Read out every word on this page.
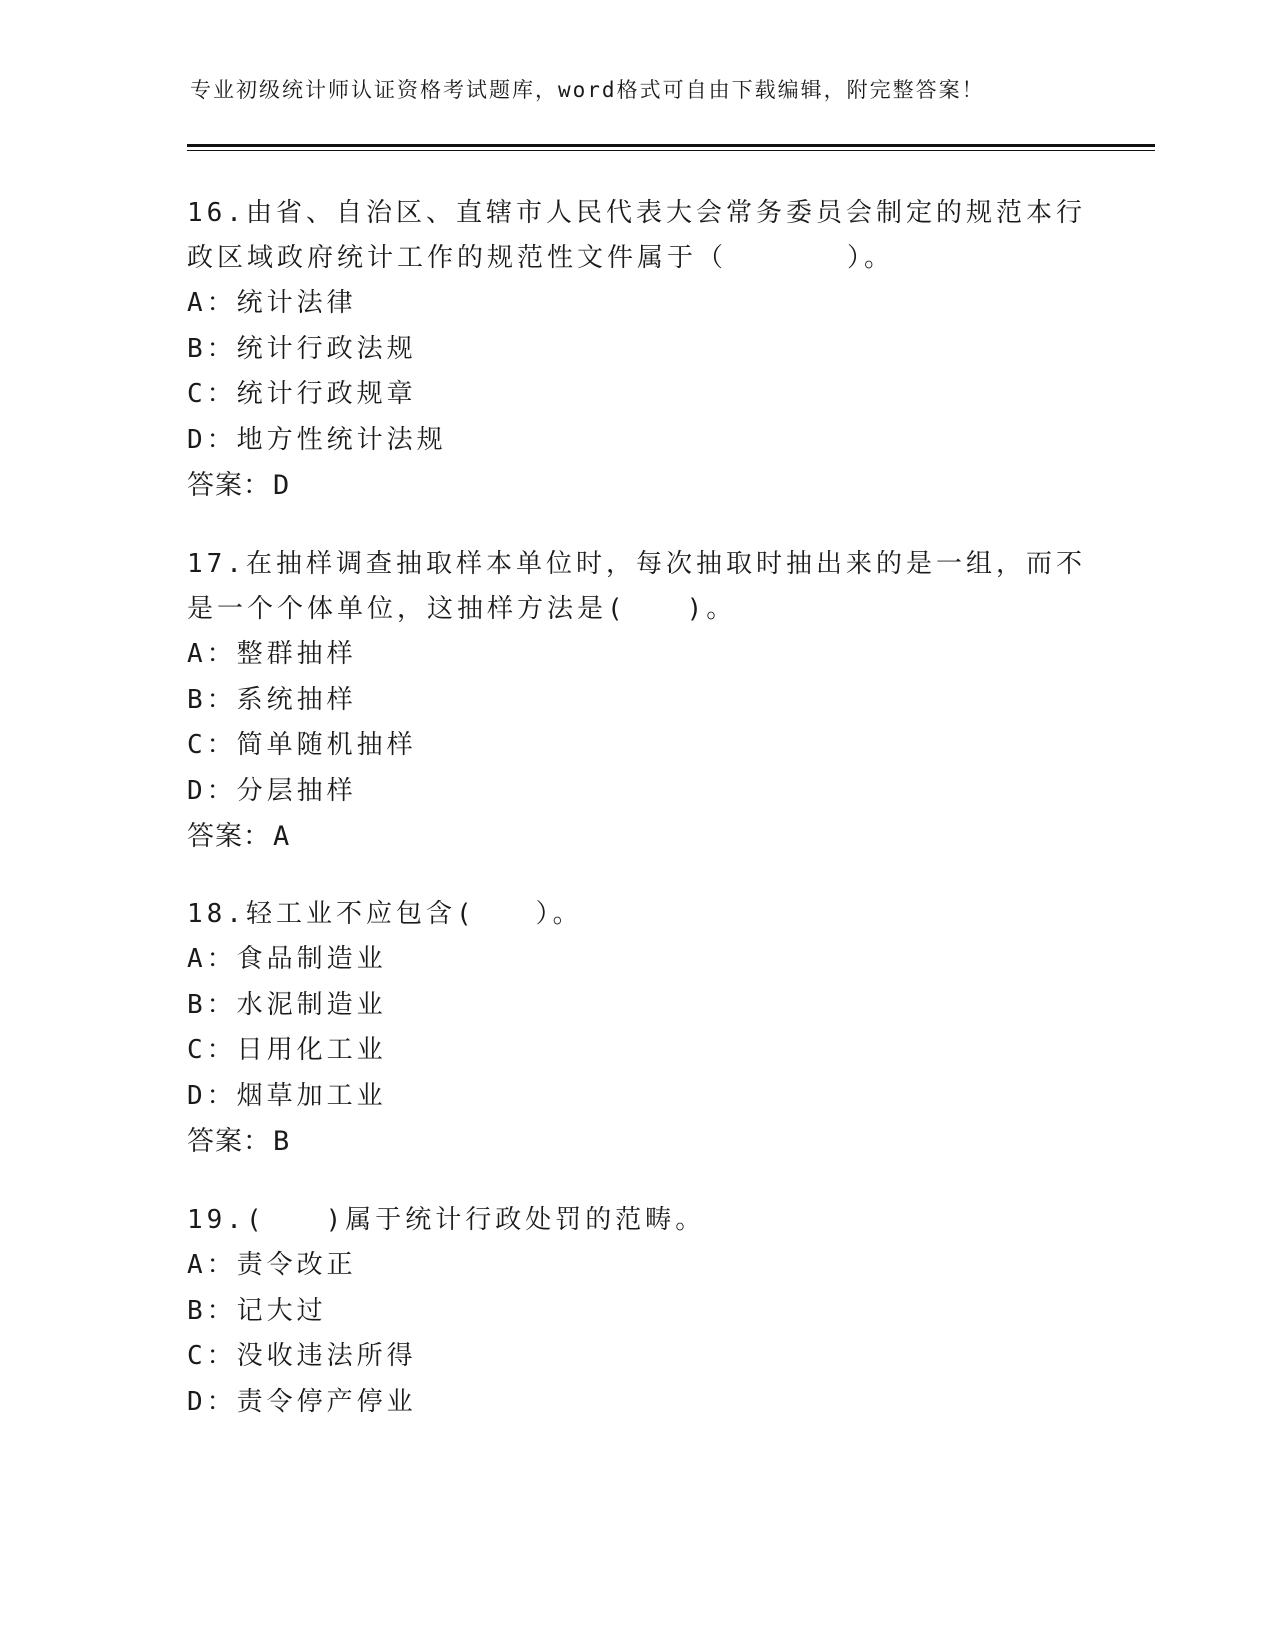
专业初级统计师认证资格考试题库，word格式可自由下载编辑，附完整答案！

16.由省、自治区、直辖市人民代表大会常务委员会制定的规范本行政区域政府统计工作的规范性文件属于（　　　　）。

A：统计法律

B：统计行政法规

C：统计行政规章

D：地方性统计法规

答案：D

17.在抽样调查抽取样本单位时，每次抽取时抽出来的是一组，而不是一个个体单位，这抽样方法是(　　)。

A：整群抽样

B：系统抽样

C：简单随机抽样

D：分层抽样

答案：A

18.轻工业不应包含(　　）。

A：食品制造业

B：水泥制造业

C：日用化工业

D：烟草加工业

答案：B

19.(　　)属于统计行政处罚的范畴。

A：责令改正

B：记大过

C：没收违法所得

D：责令停产停业
